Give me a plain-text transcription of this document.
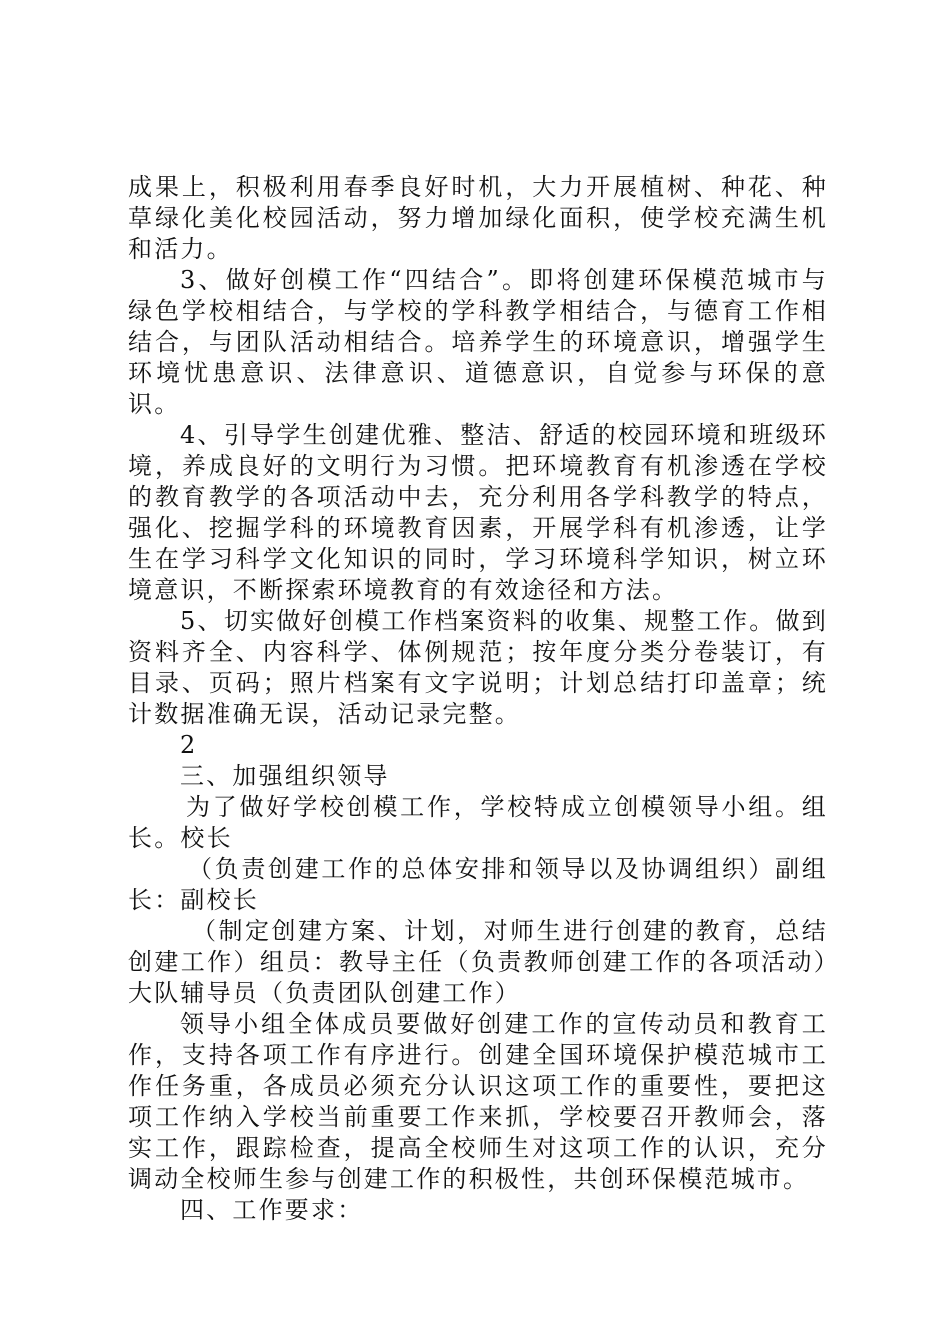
成果上，积极利用春季良好时机，大力开展植树、种花、种草绿化美化校园活动，努力增加绿化面积，使学校充满生机和活力。

3、做好创模工作“四结合”。即将创建环保模范城市与绿色学校相结合，与学校的学科教学相结合，与德育工作相结合，与团队活动相结合。培养学生的环境意识，增强学生环境忧患意识、法律意识、道德意识，自觉参与环保的意识。

4、引导学生创建优雅、整洁、舒适的校园环境和班级环境，养成良好的文明行为习惯。把环境教育有机渗透在学校的教育教学的各项活动中去，充分利用各学科教学的特点，强化、挖掘学科的环境教育因素，开展学科有机渗透，让学生在学习科学文化知识的同时，学习环境科学知识，树立环境意识，不断探索环境教育的有效途径和方法。

5、切实做好创模工作档案资料的收集、规整工作。做到资料齐全、内容科学、体例规范；按年度分类分卷装订，有目录、页码；照片档案有文字说明；计划总结打印盖章；统计数据准确无误，活动记录完整。

2

三、加强组织领导

为了做好学校创模工作，学校特成立创模领导小组。组长。校长

（负责创建工作的总体安排和领导以及协调组织）副组长：副校长

（制定创建方案、计划，对师生进行创建的教育，总结创建工作）组员：教导主任（负责教师创建工作的各项活动）大队辅导员（负责团队创建工作）

领导小组全体成员要做好创建工作的宣传动员和教育工作，支持各项工作有序进行。创建全国环境保护模范城市工作任务重，各成员必须充分认识这项工作的重要性，要把这项工作纳入学校当前重要工作来抓，学校要召开教师会，落实工作，跟踪检查，提高全校师生对这项工作的认识，充分调动全校师生参与创建工作的积极性，共创环保模范城市。

四、工作要求：
